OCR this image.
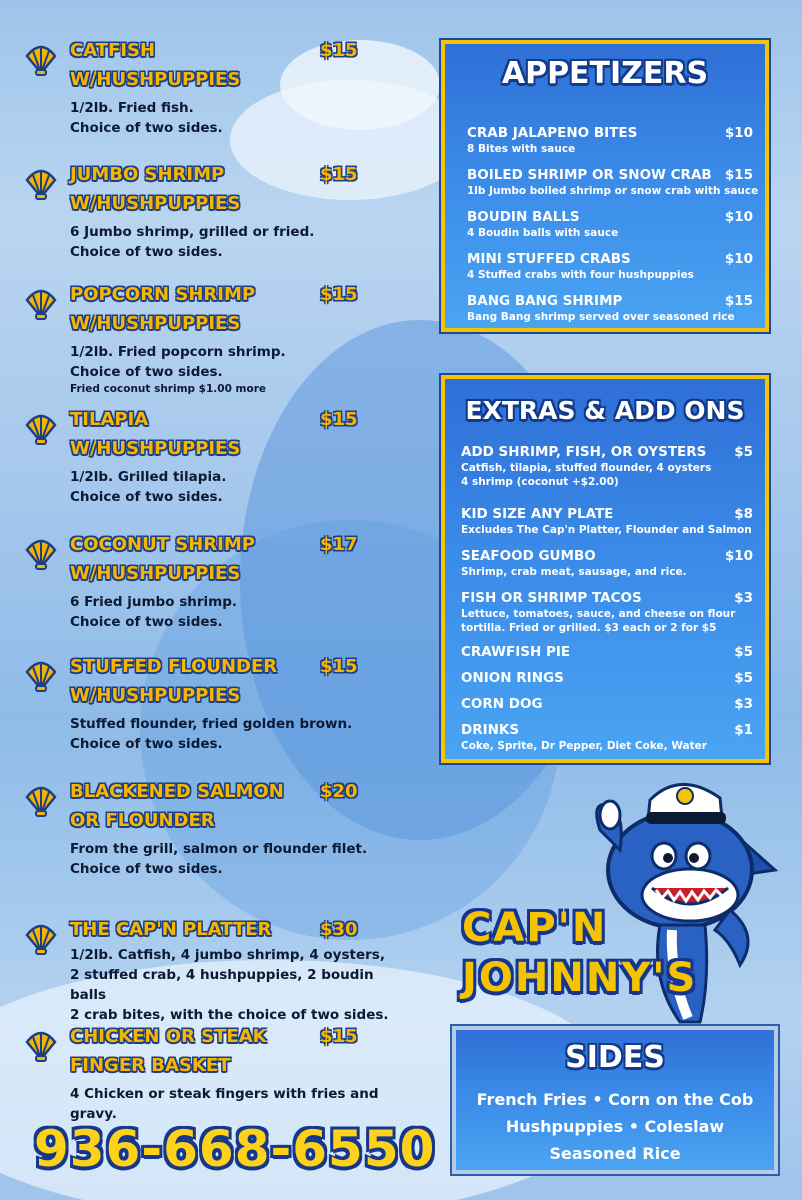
CATFISH
W/HUSHPUPPIES
$15
1/2lb. Fried fish.
Choice of two sides.
JUMBO SHRIMP
W/HUSHPUPPIES
$15
6 Jumbo shrimp, grilled or fried.
Choice of two sides.
POPCORN SHRIMP
W/HUSHPUPPIES
$15
1/2lb. Fried popcorn shrimp.
Choice of two sides.
Fried coconut shrimp $1.00 more
TILAPIA
W/HUSHPUPPIES
$15
1/2lb. Grilled tilapia.
Choice of two sides.
COCONUT SHRIMP
W/HUSHPUPPIES
$17
6 Fried jumbo shrimp.
Choice of two sides.
STUFFED FLOUNDER
W/HUSHPUPPIES
$15
Stuffed flounder, fried golden brown.
Choice of two sides.
BLACKENED SALMON
OR FLOUNDER
$20
From the grill, salmon or flounder filet.
Choice of two sides.
THE CAP'N PLATTER	$30
1/2lb. Catfish, 4 jumbo shrimp, 4 oysters,
2 stuffed crab, 4 hushpuppies, 2 boudin balls
2 crab bites, with the choice of two sides.
CHICKEN OR STEAK
FINGER BASKET
$15
4 Chicken or steak fingers with fries and gravy.
APPETIZERS
CRAB JALAPENO BITES	$10
8 Bites with sauce
BOILED SHRIMP OR SNOW CRAB $15
1lb Jumbo boiled shrimp or snow crab with sauce
BOUDIN BALLS	$10
4 Boudin balls with sauce
MINI STUFFED CRABS	$10
4 Stuffed crabs with four hushpuppies
BANG BANG SHRIMP	$15
Bang Bang shrimp served over seasoned rice
EXTRAS & ADD ONS
ADD SHRIMP, FISH, OR OYSTERS $5
Catfish, tilapia, stuffed flounder, 4 oysters
4 shrimp (coconut +$2.00)
KID SIZE ANY PLATE	$8
Excludes The Cap'n Platter, Flounder and Salmon
SEAFOOD GUMBO	$10
Shrimp, crab meat, sausage, and rice.
FISH OR SHRIMP TACOS	$3
Lettuce, tomatoes, sauce, and cheese on flour
tortilla. Fried or grilled. $3 each or 2 for $5
CRAWFISH PIE	$5
ONION RINGS	$5
CORN DOG	$3
DRINKS	$1
Coke, Sprite, Dr Pepper, Diet Coke, Water
CAP'N
JOHNNY'S
SIDES
French Fries • Corn on the Cob
Hushpuppies • Coleslaw
Seasoned Rice
936-668-6550
